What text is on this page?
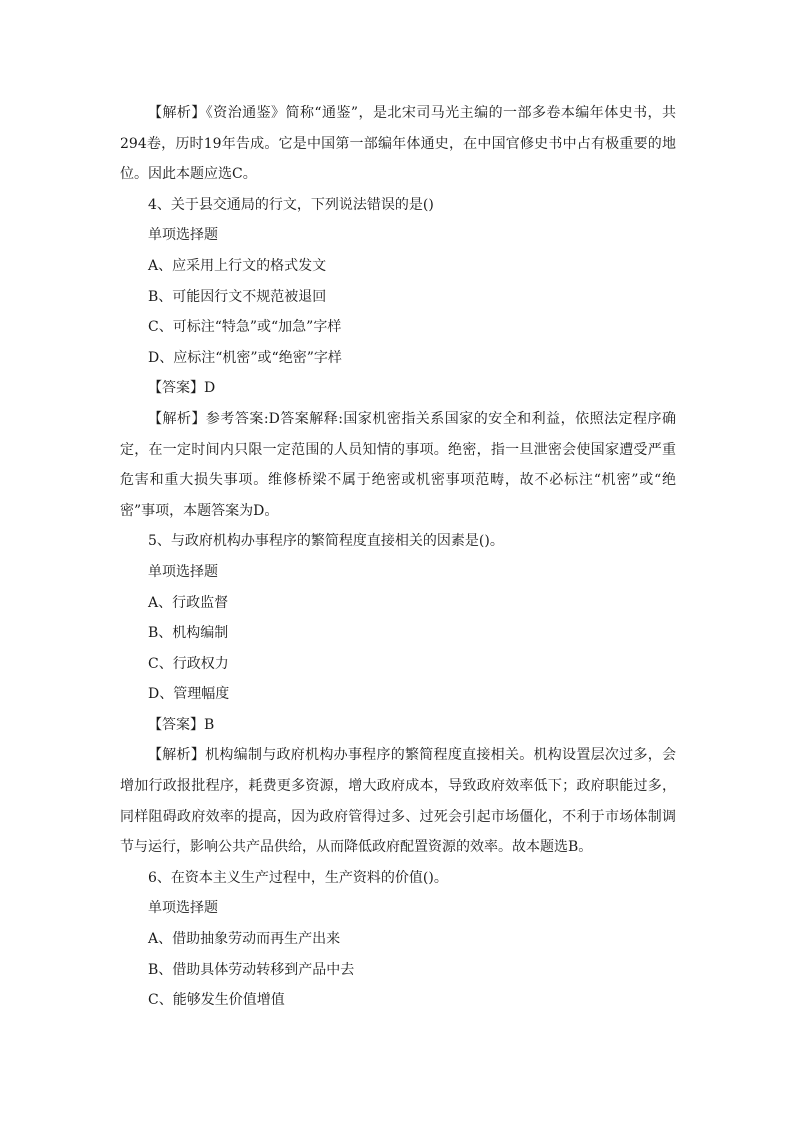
【解析】《资治通鉴》简称“通鉴”，是北宋司马光主编的一部多卷本编年体史书，共294卷，历时19年告成。它是中国第一部编年体通史，在中国官修史书中占有极重要的地位。因此本题应选C。

4、关于县交通局的行文，下列说法错误的是()

单项选择题

A、应采用上行文的格式发文

B、可能因行文不规范被退回

C、可标注“特急”或“加急”字样

D、应标注“机密”或“绝密”字样

【答案】D

【解析】参考答案:D答案解释:国家机密指关系国家的安全和利益，依照法定程序确定，在一定时间内只限一定范围的人员知情的事项。绝密，指一旦泄密会使国家遭受严重危害和重大损失事项。维修桥梁不属于绝密或机密事项范畴，故不必标注“机密”或“绝密”事项，本题答案为D。

5、与政府机构办事程序的繁简程度直接相关的因素是()。

单项选择题

A、行政监督

B、机构编制

C、行政权力

D、管理幅度

【答案】B

【解析】机构编制与政府机构办事程序的繁简程度直接相关。机构设置层次过多，会增加行政报批程序，耗费更多资源，增大政府成本，导致政府效率低下；政府职能过多，同样阻碍政府效率的提高，因为政府管得过多、过死会引起市场僵化，不利于市场体制调节与运行，影响公共产品供给，从而降低政府配置资源的效率。故本题选B。

6、在资本主义生产过程中，生产资料的价值()。

单项选择题

A、借助抽象劳动而再生产出来

B、借助具体劳动转移到产品中去

C、能够发生价值增值
